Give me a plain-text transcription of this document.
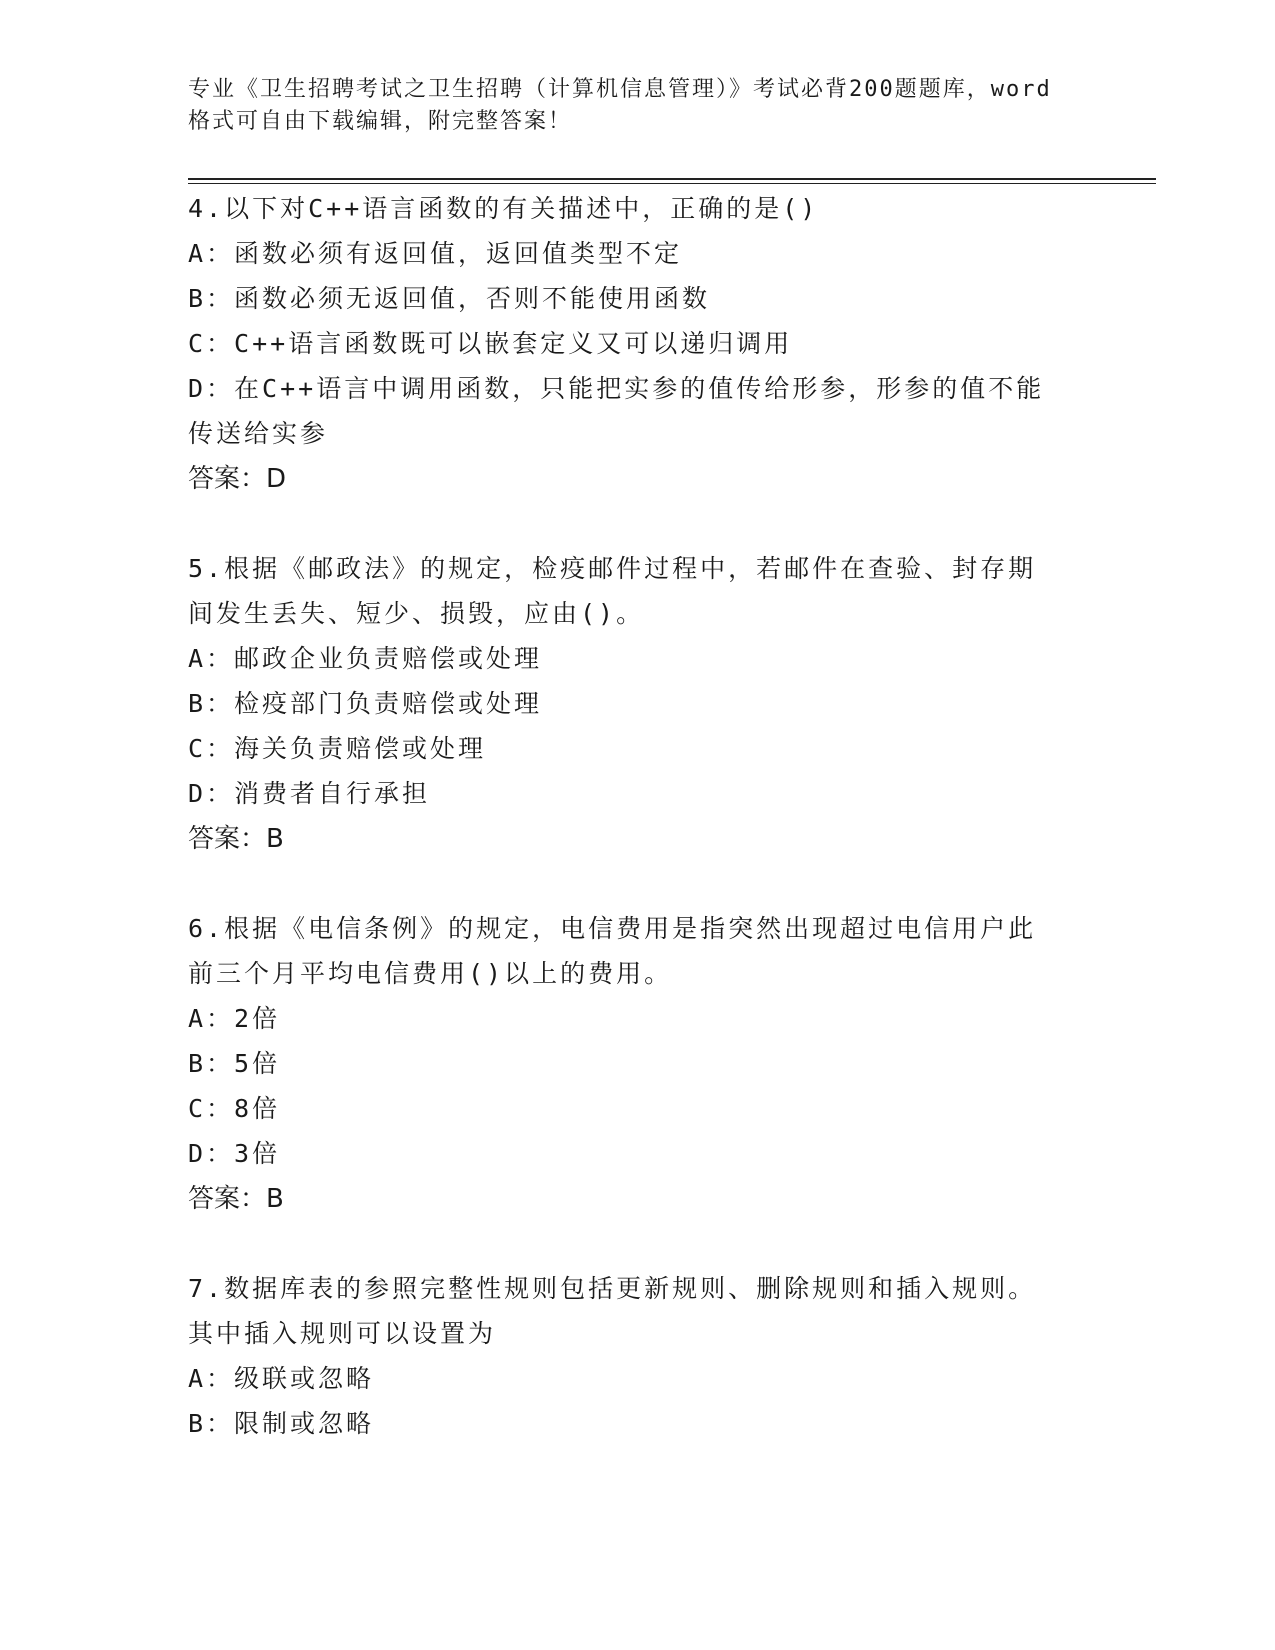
专业《卫生招聘考试之卫生招聘（计算机信息管理）》考试必背200题题库，word
格式可自由下载编辑，附完整答案！
4.以下对C++语言函数的有关描述中，正确的是()
A：函数必须有返回值，返回值类型不定
B：函数必须无返回值，否则不能使用函数
C：C++语言函数既可以嵌套定义又可以递归调用
D：在C++语言中调用函数，只能把实参的值传给形参，形参的值不能
传送给实参
答案：D
5.根据《邮政法》的规定，检疫邮件过程中，若邮件在查验、封存期
间发生丢失、短少、损毁，应由()。
A：邮政企业负责赔偿或处理
B：检疫部门负责赔偿或处理
C：海关负责赔偿或处理
D：消费者自行承担
答案：B
6.根据《电信条例》的规定，电信费用是指突然出现超过电信用户此
前三个月平均电信费用()以上的费用。
A：2倍
B：5倍
C：8倍
D：3倍
答案：B
7.数据库表的参照完整性规则包括更新规则、删除规则和插入规则。
其中插入规则可以设置为
A：级联或忽略
B：限制或忽略
